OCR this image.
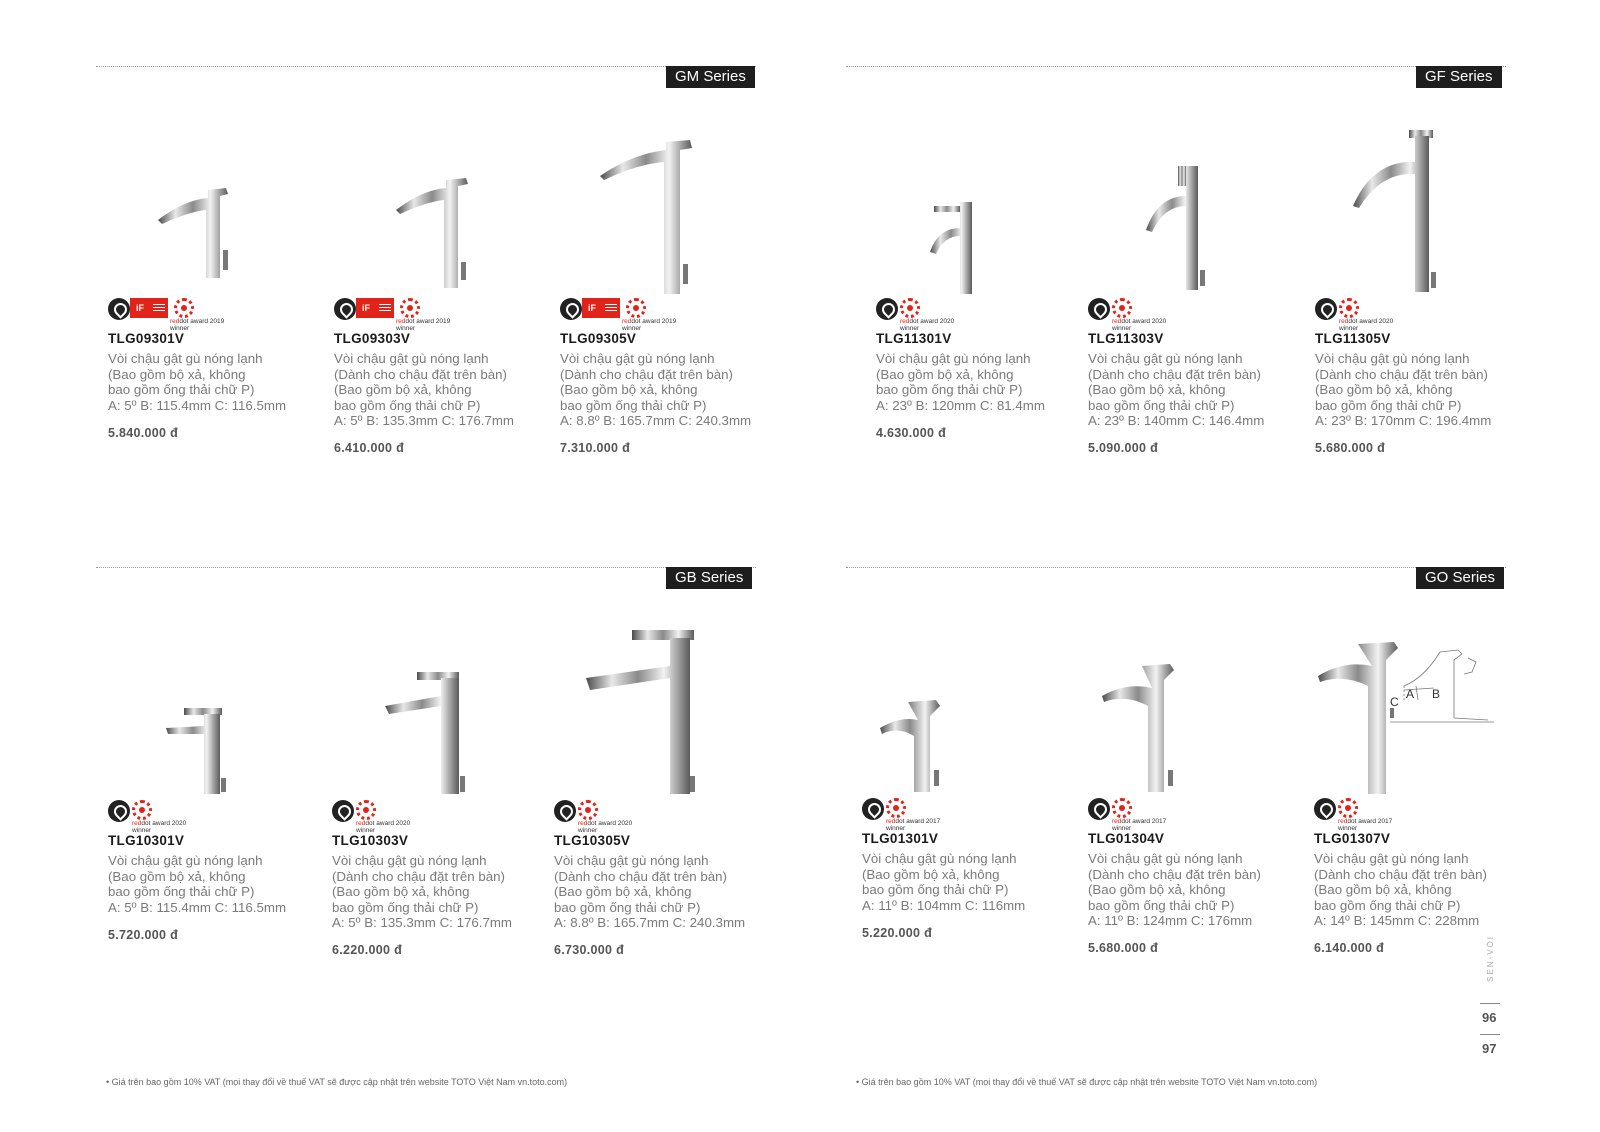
GM Series	GF Series
GB Series	GO Series
iF
reddot award 2019
winner
TLG09301V
Vòi chậu gật gù nóng lạnh
(Bao gồm bộ xả, không
bao gồm ống thải chữ P)
A: 5º B: 115.4mm C: 116.5mm
5.840.000 đ
iF
reddot award 2019
winner
TLG09303V
Vòi chậu gật gù nóng lạnh
(Dành cho chậu đặt trên bàn)
(Bao gồm bộ xả, không
bao gồm ống thải chữ P)
A: 5º B: 135.3mm C: 176.7mm
6.410.000 đ
iF
reddot award 2019
winner
TLG09305V
Vòi chậu gật gù nóng lạnh
(Dành cho chậu đặt trên bàn)
(Bao gồm bộ xả, không
bao gồm ống thải chữ P)
A: 8.8º B: 165.7mm C: 240.3mm
7.310.000 đ
reddot award 2020
winner
TLG11301V
Vòi chậu gật gù nóng lạnh
(Bao gồm bộ xả, không
bao gồm ống thải chữ P)
A: 23º B: 120mm C: 81.4mm
4.630.000 đ
reddot award 2020
winner
TLG11303V
Vòi chậu gật gù nóng lạnh
(Dành cho chậu đặt trên bàn)
(Bao gồm bộ xả, không
bao gồm ống thải chữ P)
A: 23º B: 140mm C: 146.4mm
5.090.000 đ
reddot award 2020
winner
TLG11305V
Vòi chậu gật gù nóng lạnh
(Dành cho chậu đặt trên bàn)
(Bao gồm bộ xả, không
bao gồm ống thải chữ P)
A: 23º B: 170mm C: 196.4mm
5.680.000 đ
reddot award 2020
winner
TLG10301V
Vòi chậu gật gù nóng lạnh
(Bao gồm bộ xả, không
bao gồm ống thải chữ P)
A: 5º B: 115.4mm C: 116.5mm
5.720.000 đ
reddot award 2020
winner
TLG10303V
Vòi chậu gật gù nóng lạnh
(Dành cho chậu đặt trên bàn)
(Bao gồm bộ xả, không
bao gồm ống thải chữ P)
A: 5º B: 135.3mm C: 176.7mm
6.220.000 đ
reddot award 2020
winner
TLG10305V
Vòi chậu gật gù nóng lạnh
(Dành cho chậu đặt trên bàn)
(Bao gồm bộ xả, không
bao gồm ống thải chữ P)
A: 8.8º B: 165.7mm C: 240.3mm
6.730.000 đ
reddot award 2017
winner
TLG01301V
Vòi chậu gật gù nóng lạnh
(Bao gồm bộ xả, không
bao gồm ống thải chữ P)
A: 11º B: 104mm C: 116mm
5.220.000 đ
reddot award 2017
winner
TLG01304V
Vòi chậu gật gù nóng lạnh
(Dành cho chậu đặt trên bàn)
(Bao gồm bộ xả, không
bao gồm ống thải chữ P)
A: 11º B: 124mm C: 176mm
5.680.000 đ
reddot award 2017
winner
TLG01307V
Vòi chậu gật gù nóng lạnh
(Dành cho chậu đặt trên bàn)
(Bao gồm bộ xả, không
bao gồm ống thải chữ P)
A: 14º B: 145mm C: 228mm
6.140.000 đ
A B
C
• Giá trên bao gồm 10% VAT (mọi thay đổi về thuế VAT sẽ được cập nhật trên website TOTO Việt Nam vn.toto.com)	• Giá trên bao gồm 10% VAT (mọi thay đổi về thuế VAT sẽ được cập nhật trên website TOTO Việt Nam vn.toto.com)
SEN-VÒI
96
97
